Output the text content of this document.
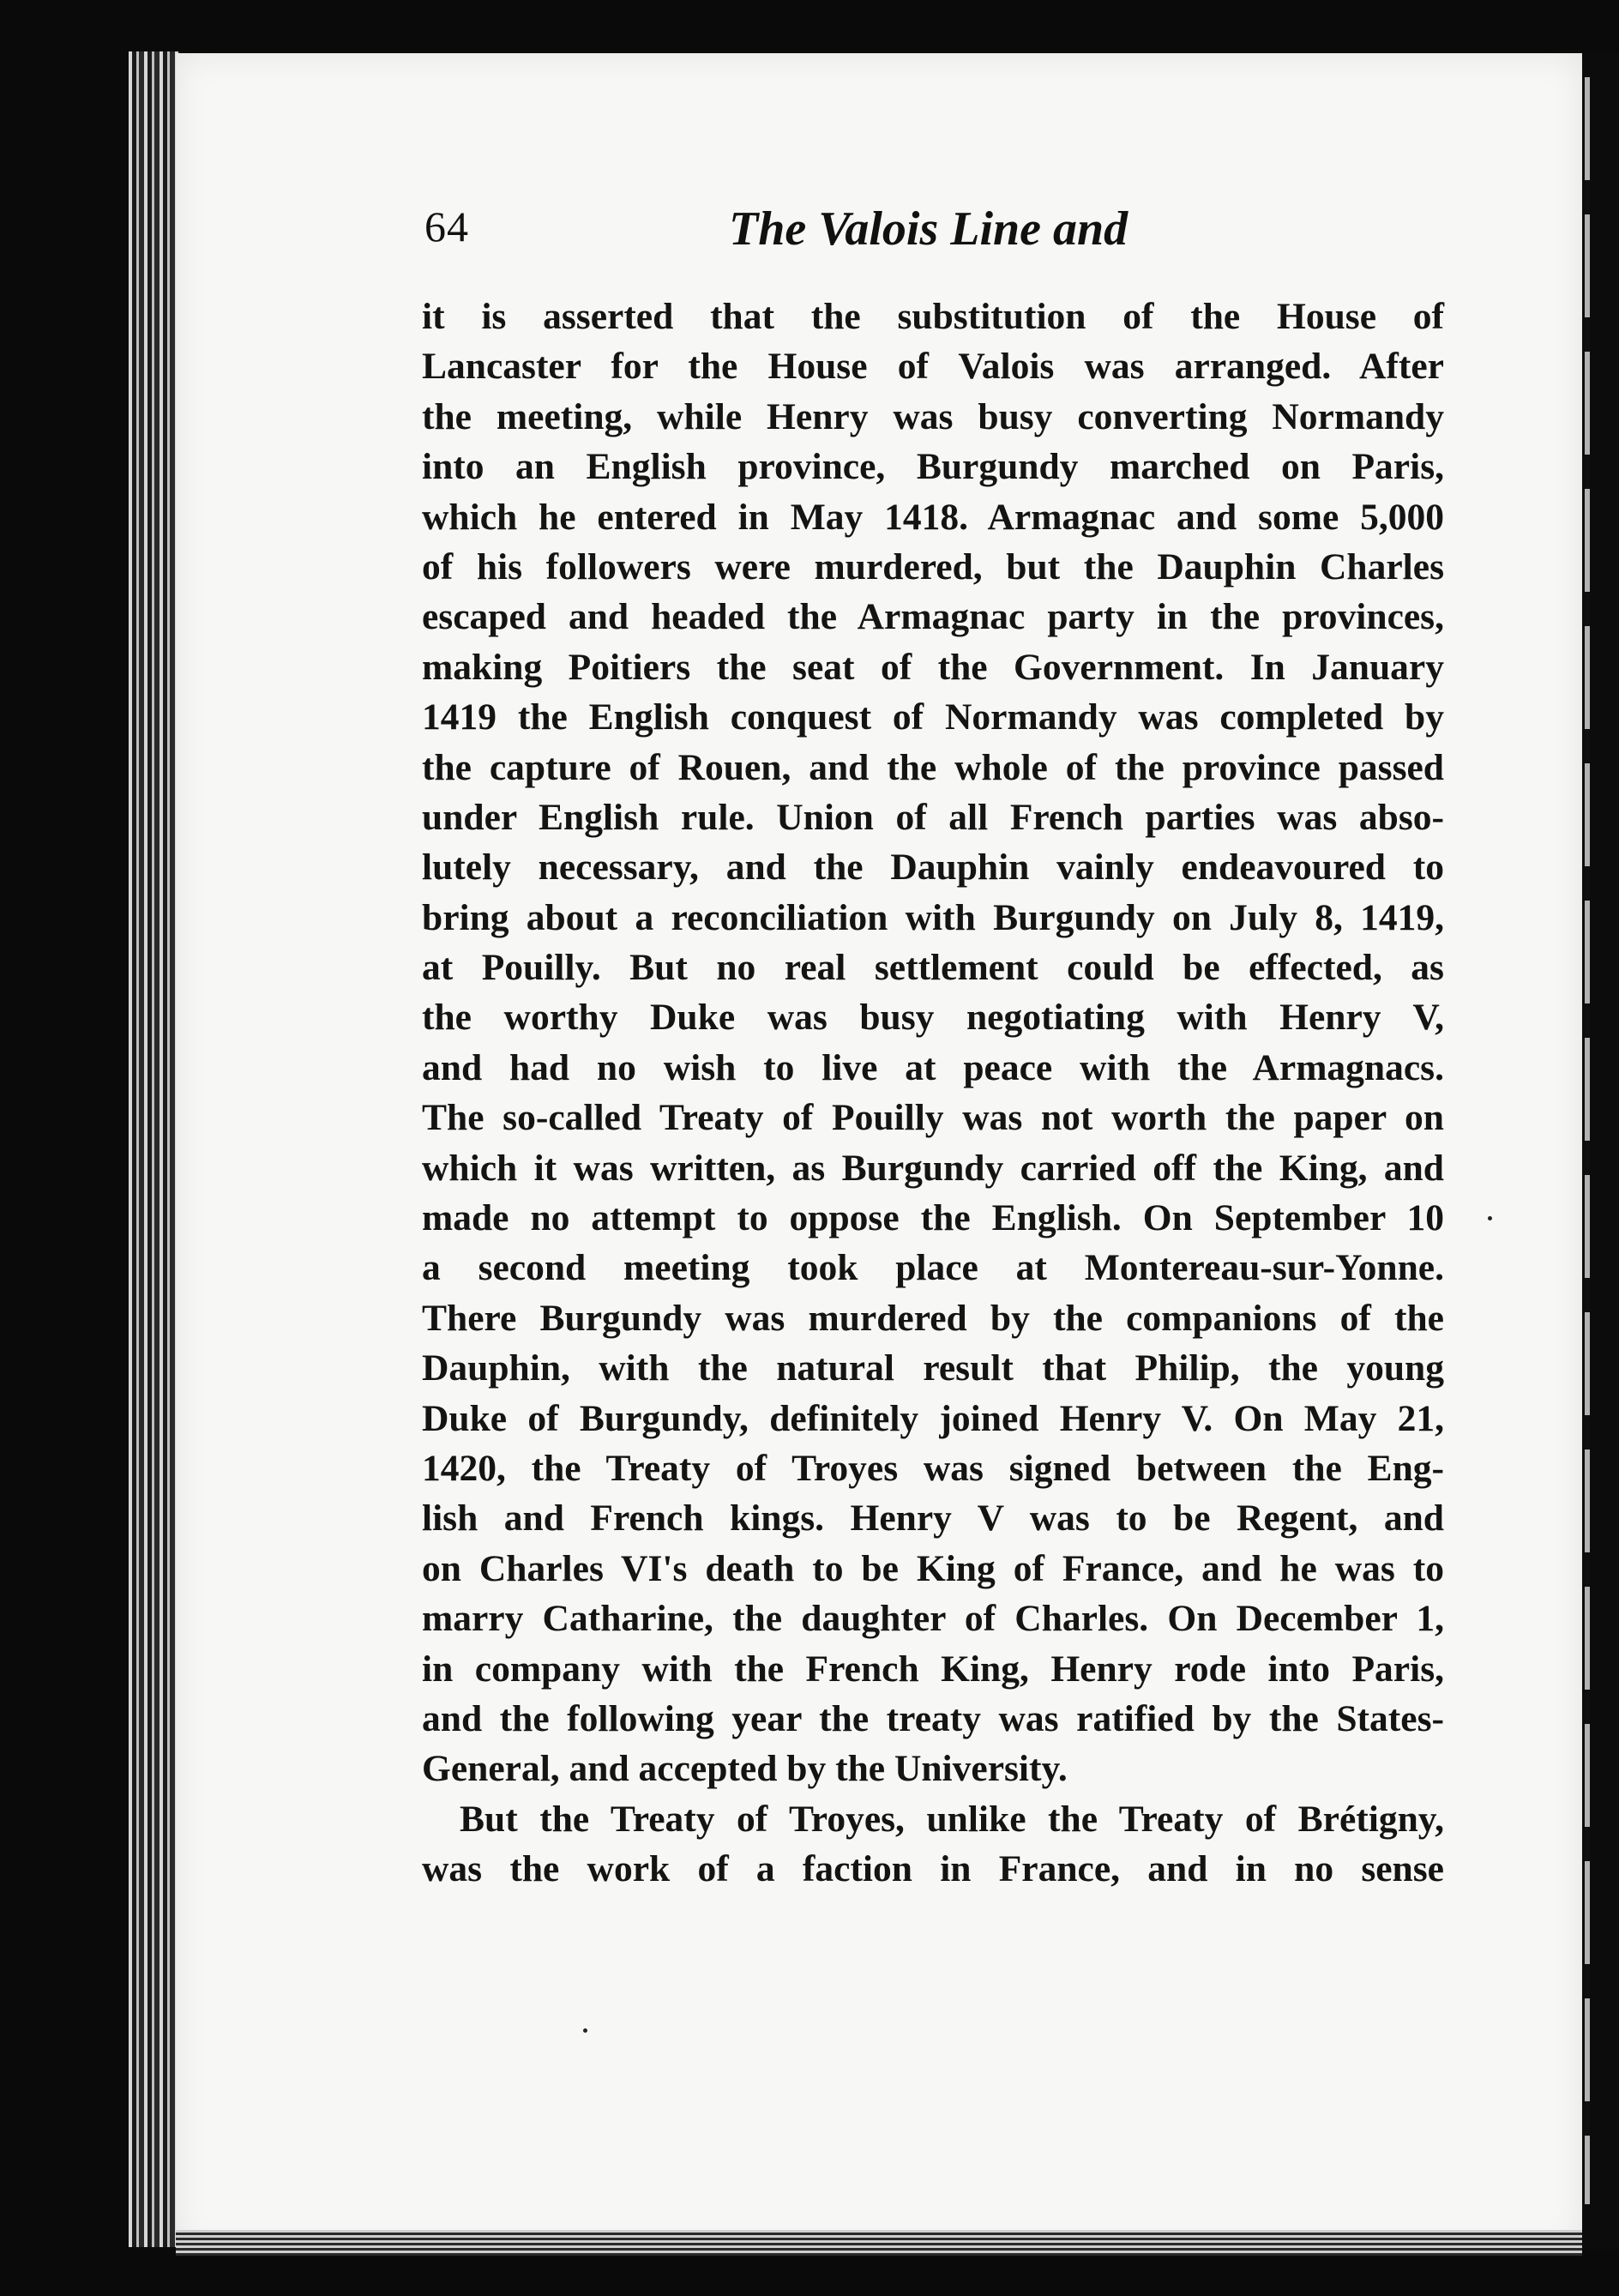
64	The Valois Line and
it is asserted that the substitution of the House of
Lancaster for the House of Valois was arranged. After
the meeting, while Henry was busy converting Normandy
into an English province, Burgundy marched on Paris,
which he entered in May 1418. Armagnac and some 5,000
of his followers were murdered, but the Dauphin Charles
escaped and headed the Armagnac party in the provinces,
making Poitiers the seat of the Government. In January
1419 the English conquest of Normandy was completed by
the capture of Rouen, and the whole of the province passed
under English rule. Union of all French parties was abso-
lutely necessary, and the Dauphin vainly endeavoured to
bring about a reconciliation with Burgundy on July 8, 1419,
at Pouilly. But no real settlement could be effected, as
the worthy Duke was busy negotiating with Henry V,
and had no wish to live at peace with the Armagnacs.
The so-called Treaty of Pouilly was not worth the paper on
which it was written, as Burgundy carried off the King, and
made no attempt to oppose the English. On September 10
a second meeting took place at Montereau-sur-Yonne.
There Burgundy was murdered by the companions of the
Dauphin, with the natural result that Philip, the young
Duke of Burgundy, definitely joined Henry V. On May 21,
1420, the Treaty of Troyes was signed between the Eng-
lish and French kings. Henry V was to be Regent, and
on Charles VI's death to be King of France, and he was to
marry Catharine, the daughter of Charles. On December 1,
in company with the French King, Henry rode into Paris,
and the following year the treaty was ratified by the States-
General, and accepted by the University.
But the Treaty of Troyes, unlike the Treaty of Brétigny,
was the work of a faction in France, and in no sense
